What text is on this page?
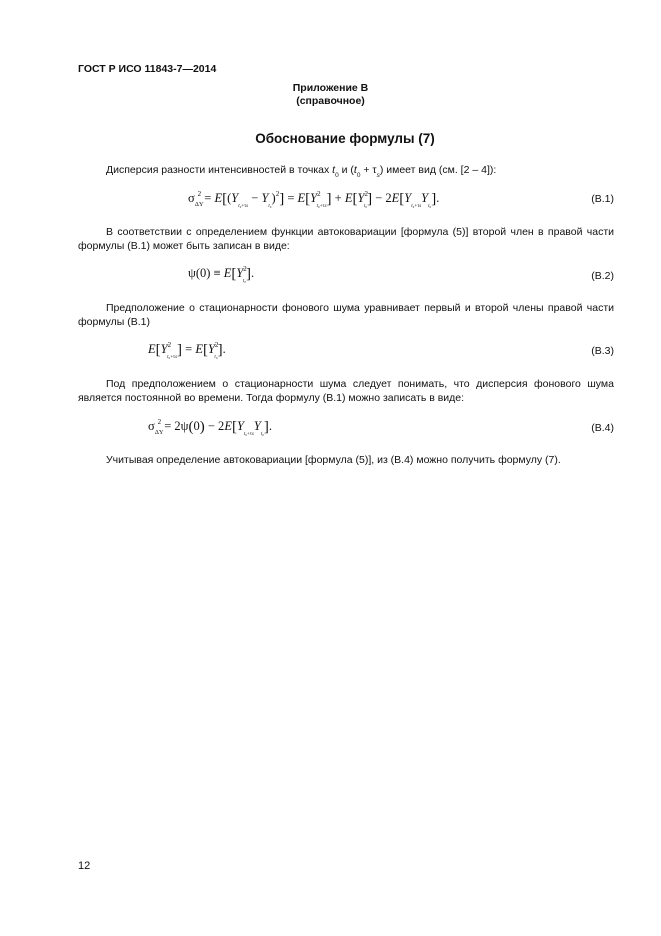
ГОСТ Р ИСО 11843-7—2014
Приложение В
(справочное)
Обоснование формулы (7)
Дисперсия разности интенсивностей в точках $t_0$ и $(t_0 + \tau_s)$ имеет вид (см. [2 – 4]):
$\sigma_{\Delta Y}^2 = E[(Y_{t_0+\tau s} - Y_{t_0})^2] = E[Y^2_{t_0+\tau s}] + E[Y^2_{t_0}] - 2E[Y_{t_0+\tau s}Y_{t_0}]$.	(В.1)
В соответствии с определением функции автоковариации [формула (5)] второй член в правой части формулы (В.1) может быть записан в виде:
$\psi(0) \equiv E[Y^2_{t_0}]$.	(В.2)
Предположение о стационарности фонового шума уравнивает первый и второй члены правой части формулы (В.1)
$E[Y^2_{t_0+\tau s}] = E[Y^2_{t_0}]$.	(В.3)
Под предположением о стационарности шума следует понимать, что дисперсия фонового шума является постоянной во времени. Тогда формулу (В.1) можно записать в виде:
$\sigma_{\Delta Y}^2 = 2\psi(0) - 2E[Y_{t_0+\tau s}Y_{t_0}]$.	(В.4)
Учитывая определение автоковариации [формула (5)], из (В.4) можно получить формулу (7).
12
